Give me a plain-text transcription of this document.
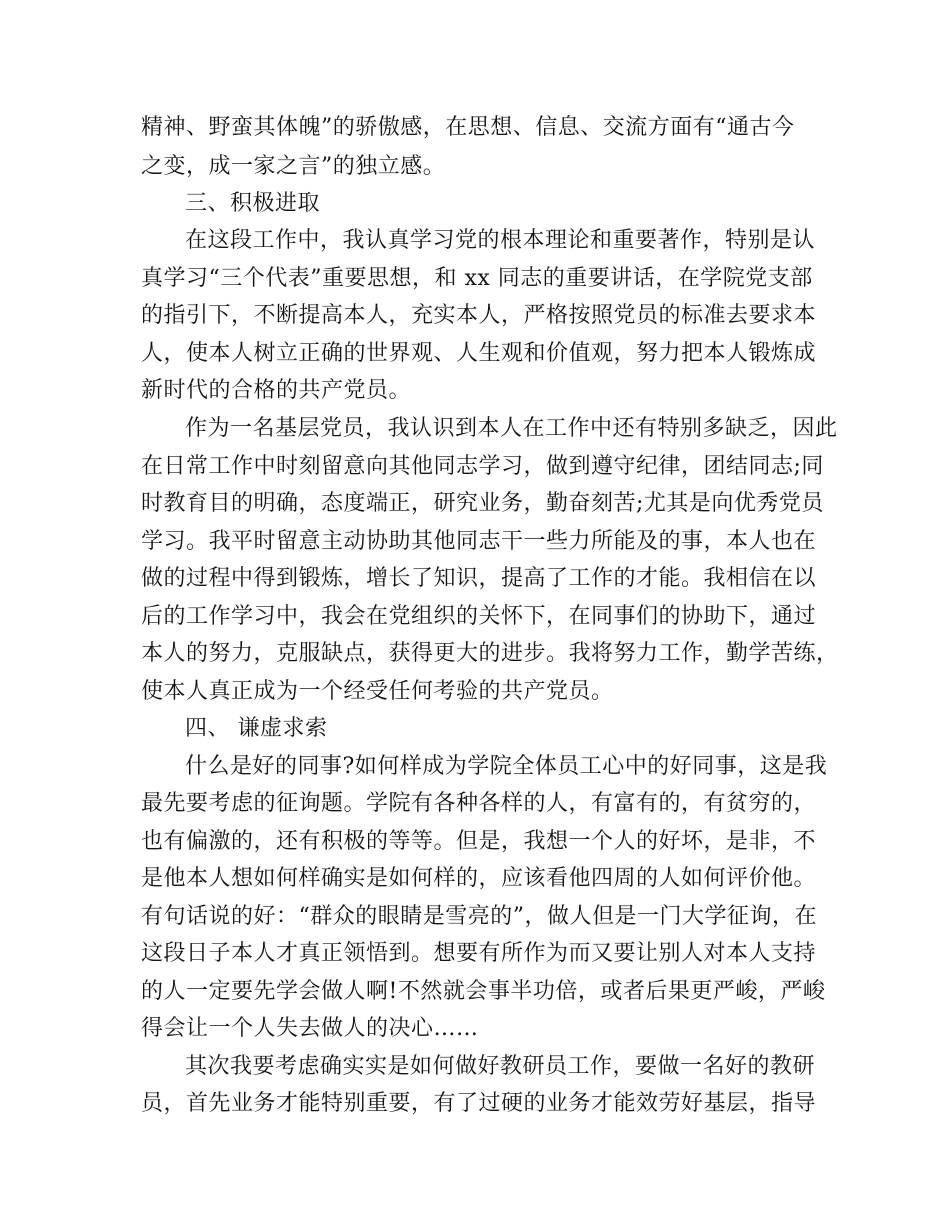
精神、野蛮其体魄”的骄傲感，在思想、信息、交流方面有“通古今
之变，成一家之言”的独立感。
三、积极进取
在这段工作中，我认真学习党的根本理论和重要著作，特别是认
真学习“三个代表”重要思想，和 xx 同志的重要讲话，在学院党支部
的指引下，不断提高本人，充实本人，严格按照党员的标准去要求本
人，使本人树立正确的世界观、人生观和价值观，努力把本人锻炼成
新时代的合格的共产党员。
作为一名基层党员，我认识到本人在工作中还有特别多缺乏，因此
在日常工作中时刻留意向其他同志学习，做到遵守纪律，团结同志;同
时教育目的明确，态度端正，研究业务，勤奋刻苦;尤其是向优秀党员
学习。我平时留意主动协助其他同志干一些力所能及的事，本人也在
做的过程中得到锻炼，增长了知识，提高了工作的才能。我相信在以
后的工作学习中，我会在党组织的关怀下，在同事们的协助下，通过
本人的努力，克服缺点，获得更大的进步。我将努力工作，勤学苦练，
使本人真正成为一个经受任何考验的共产党员。
四、 谦虚求索
什么是好的同事?如何样成为学院全体员工心中的好同事，这是我
最先要考虑的征询题。学院有各种各样的人，有富有的，有贫穷的，
也有偏激的，还有积极的等等。但是，我想一个人的好坏，是非，不
是他本人想如何样确实是如何样的，应该看他四周的人如何评价他。
有句话说的好：“群众的眼睛是雪亮的”，做人但是一门大学征询，在
这段日子本人才真正领悟到。想要有所作为而又要让别人对本人支持
的人一定要先学会做人啊!不然就会事半功倍，或者后果更严峻，严峻
得会让一个人失去做人的决心……
其次我要考虑确实实是如何做好教研员工作，要做一名好的教研
员，首先业务才能特别重要，有了过硬的业务才能效劳好基层，指导
